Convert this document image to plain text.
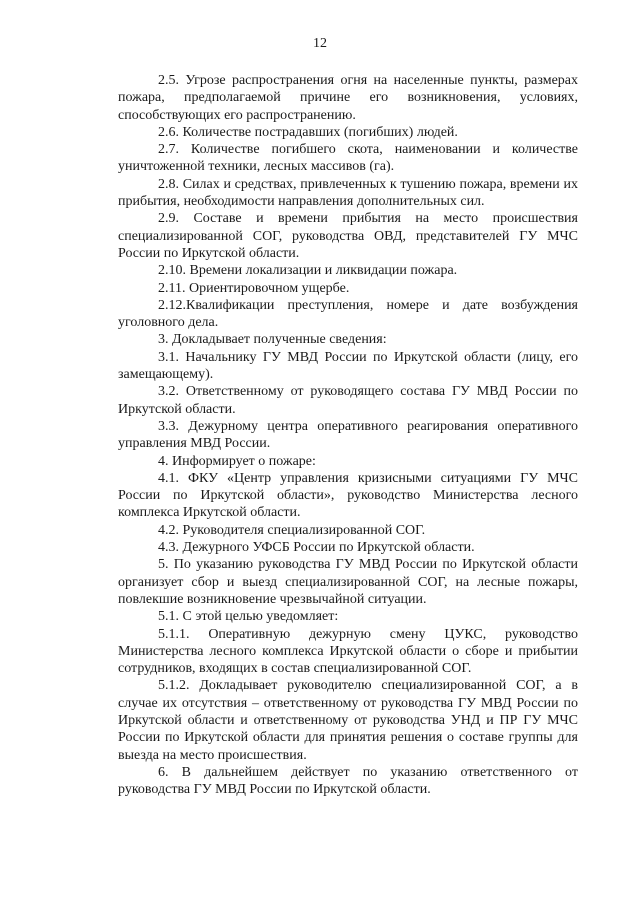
12

2.5. Угрозе распространения огня на населенные пункты, размерах пожара, предполагаемой причине его возникновения, условиях, способствующих его распространению.

2.6. Количестве пострадавших (погибших) людей.

2.7. Количестве погибшего скота, наименовании и количестве уничтоженной техники, лесных массивов (га).

2.8. Силах и средствах, привлеченных к тушению пожара, времени их прибытия, необходимости направления дополнительных сил.

2.9. Составе и времени прибытия на место происшествия специализированной СОГ, руководства ОВД, представителей ГУ МЧС России по Иркутской области.

2.10. Времени локализации и ликвидации пожара.

2.11. Ориентировочном ущербе.

2.12.Квалификации преступления, номере и дате возбуждения уголовного дела.

3. Докладывает полученные сведения:

3.1. Начальнику ГУ МВД России по Иркутской области (лицу, его замещающему).

3.2. Ответственному от руководящего состава ГУ МВД России по Иркутской области.

3.3. Дежурному центра оперативного реагирования оперативного управления МВД России.

4. Информирует о пожаре:

4.1. ФКУ «Центр управления кризисными ситуациями ГУ МЧС России по Иркутской области», руководство Министерства лесного комплекса Иркутской области.

4.2. Руководителя специализированной СОГ.

4.3. Дежурного УФСБ России по Иркутской области.

5. По указанию руководства ГУ МВД России по Иркутской области организует сбор и выезд специализированной СОГ, на лесные пожары, повлекшие возникновение чрезвычайной ситуации.

5.1. С этой целью уведомляет:

5.1.1. Оперативную дежурную смену ЦУКС, руководство Министерства лесного комплекса Иркутской области о сборе и прибытии сотрудников, входящих в состав специализированной СОГ.

5.1.2. Докладывает руководителю специализированной СОГ, а в случае их отсутствия – ответственному от руководства ГУ МВД России по Иркутской области и ответственному от руководства УНД и ПР ГУ МЧС России по Иркутской области для принятия решения о составе группы для выезда на место происшествия.

6. В дальнейшем действует по указанию ответственного от руководства ГУ МВД России по Иркутской области.
